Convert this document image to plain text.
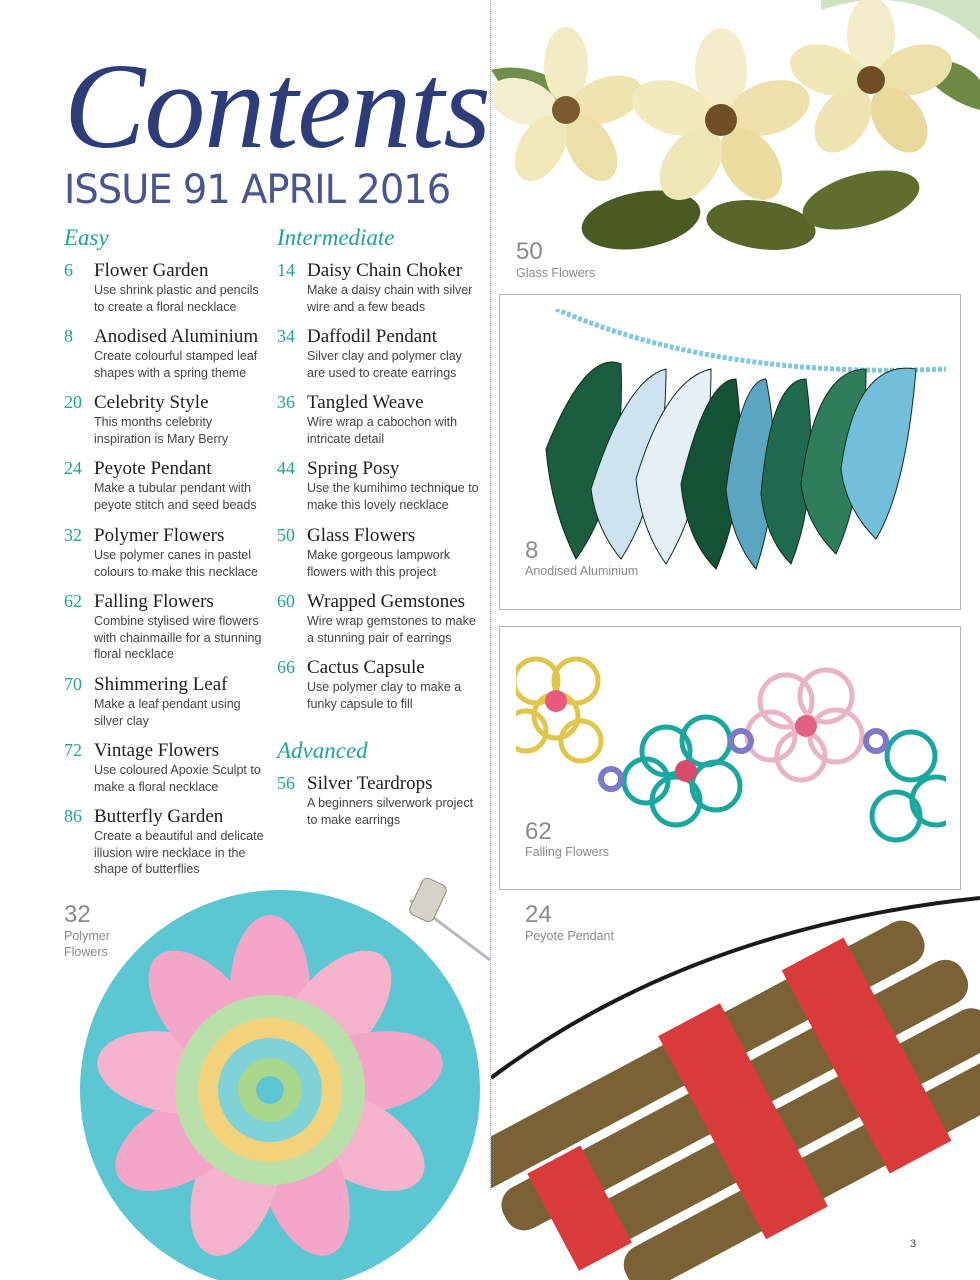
Contents
ISSUE 91 APRIL 2016
Easy
6 Flower Garden
Use shrink plastic and pencils to create a floral necklace
8 Anodised Aluminium
Create colourful stamped leaf shapes with a spring theme
20 Celebrity Style
This months celebrity inspiration is Mary Berry
24 Peyote Pendant
Make a tubular pendant with peyote stitch and seed beads
32 Polymer Flowers
Use polymer canes in pastel colours to make this necklace
62 Falling Flowers
Combine stylised wire flowers with chainmaille for a stunning floral necklace
70 Shimmering Leaf
Make a leaf pendant using silver clay
72 Vintage Flowers
Use coloured Apoxie Sculpt to make a floral necklace
86 Butterfly Garden
Create a beautiful and delicate illusion wire necklace in the shape of butterflies
Intermediate
14 Daisy Chain Choker
Make a daisy chain with silver wire and a few beads
34 Daffodil Pendant
Silver clay and polymer clay are used to create earrings
36 Tangled Weave
Wire wrap a cabochon with intricate detail
44 Spring Posy
Use the kumihimo technique to make this lovely necklace
50 Glass Flowers
Make gorgeous lampwork flowers with this project
60 Wrapped Gemstones
Wire wrap gemstones to make a stunning pair of earrings
66 Cactus Capsule
Use polymer clay to make a funky capsule to fill
Advanced
56 Silver Teardrops
A beginners silverwork project to make earrings
50
Glass Flowers
8
Anodised Aluminium
62
Falling Flowers
32
Polymer Flowers
24
Peyote Pendant
3
